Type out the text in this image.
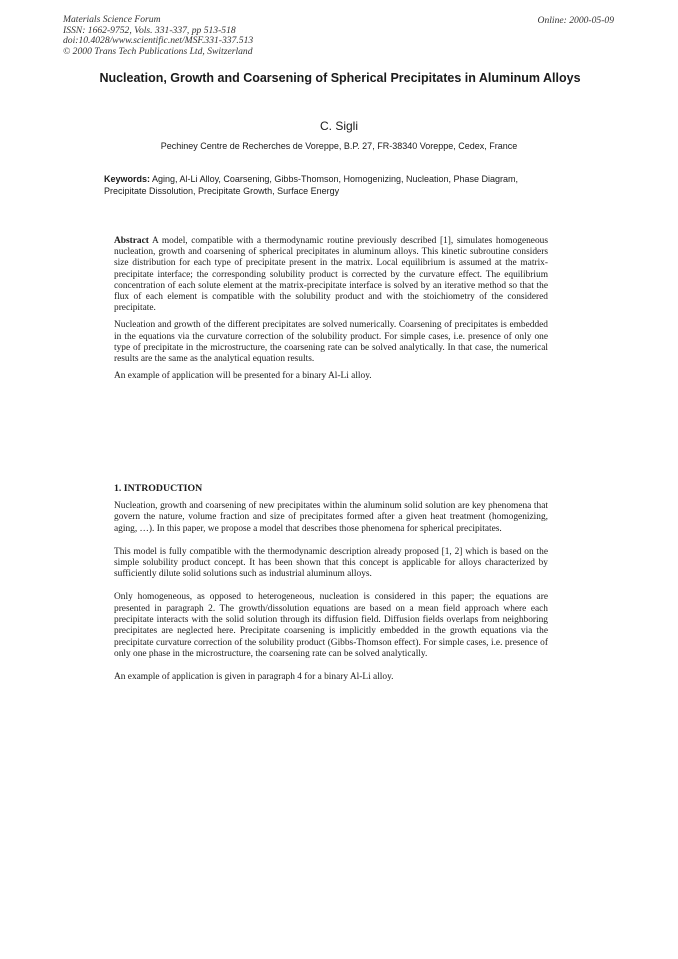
Materials Science Forum
ISSN: 1662-9752, Vols. 331-337, pp 513-518
doi:10.4028/www.scientific.net/MSF.331-337.513
© 2000 Trans Tech Publications Ltd, Switzerland
Online: 2000-05-09
Nucleation, Growth and Coarsening of Spherical Precipitates in Aluminum Alloys
C. Sigli
Pechiney Centre de Recherches de Voreppe, B.P. 27, FR-38340 Voreppe, Cedex, France
Keywords: Aging, Al-Li Alloy, Coarsening, Gibbs-Thomson, Homogenizing, Nucleation, Phase Diagram, Precipitate Dissolution, Precipitate Growth, Surface Energy

Abstract A model, compatible with a thermodynamic routine previously described [1], simulates homogeneous nucleation, growth and coarsening of spherical precipitates in aluminum alloys. This kinetic subroutine considers size distribution for each type of precipitate present in the matrix. Local equilibrium is assumed at the matrix-precipitate interface; the corresponding solubility product is corrected by the curvature effect. The equilibrium concentration of each solute element at the matrix-precipitate interface is solved by an iterative method so that the flux of each element is compatible with the solubility product and with the stoichiometry of the considered precipitate.

Nucleation and growth of the different precipitates are solved numerically. Coarsening of precipitates is embedded in the equations via the curvature correction of the solubility product. For simple cases, i.e. presence of only one type of precipitate in the microstructure, the coarsening rate can be solved analytically. In that case, the numerical results are the same as the analytical equation results.

An example of application will be presented for a binary Al-Li alloy.

1. INTRODUCTION

Nucleation, growth and coarsening of new precipitates within the aluminum solid solution are key phenomena that govern the nature, volume fraction and size of precipitates formed after a given heat treatment (homogenizing, aging, …). In this paper, we propose a model that describes those phenomena for spherical precipitates.

This model is fully compatible with the thermodynamic description already proposed [1, 2] which is based on the simple solubility product concept. It has been shown that this concept is applicable for alloys characterized by sufficiently dilute solid solutions such as industrial aluminum alloys.

Only homogeneous, as opposed to heterogeneous, nucleation is considered in this paper; the equations are presented in paragraph 2. The growth/dissolution equations are based on a mean field approach where each precipitate interacts with the solid solution through its diffusion field. Diffusion fields overlaps from neighboring precipitates are neglected here. Precipitate coarsening is implicitly embedded in the growth equations via the precipitate curvature correction of the solubility product (Gibbs-Thomson effect). For simple cases, i.e. presence of only one phase in the microstructure, the coarsening rate can be solved analytically.

An example of application is given in paragraph 4 for a binary Al-Li alloy.
